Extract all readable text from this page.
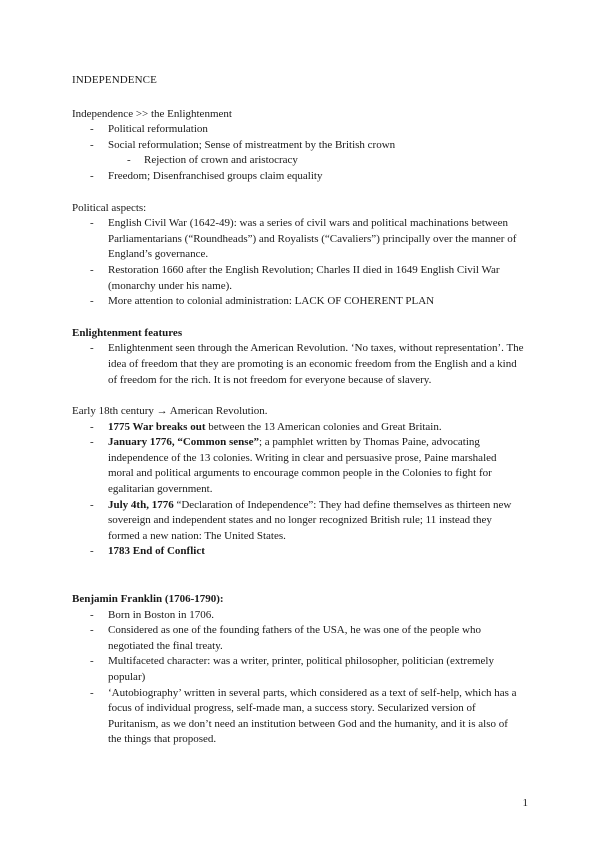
INDEPENDENCE

Independence >> the Enlightenment

- Political reformulation
- Social reformulation; Sense of mistreatment by the British crown
- Rejection of crown and aristocracy
- Freedom; Disenfranchised groups claim equality

Political aspects:

- English Civil War (1642-49): was a series of civil wars and political machinations between Parliamentarians (“Roundheads”) and Royalists (“Cavaliers”) principally over the manner of England’s governance.
- Restoration 1660 after the English Revolution; Charles II died in 1649 English Civil War (monarchy under his name).
- More attention to colonial administration: LACK OF COHERENT PLAN

Enlightenment features

- Enlightenment seen through the American Revolution. ‘No taxes, without representation’. The idea of freedom that they are promoting is an economic freedom from the English and a kind of freedom for the rich. It is not freedom for everyone because of slavery.

Early 18th century → American Revolution.

- 1775 War breaks out between the 13 American colonies and Great Britain.
- January 1776, “Common sense”; a pamphlet written by Thomas Paine, advocating independence of the 13 colonies. Writing in clear and persuasive prose, Paine marshaled moral and political arguments to encourage common people in the Colonies to fight for egalitarian government.
- July 4th, 1776 “Declaration of Independence”: They had define themselves as thirteen new sovereign and independent states and no longer recognized British rule; 11 instead they formed a new nation: The United States.
- 1783 End of Conflict

Benjamin Franklin (1706-1790):

- Born in Boston in 1706.
- Considered as one of the founding fathers of the USA, he was one of the people who negotiated the final treaty.
- Multifaceted character: was a writer, printer, political philosopher, politician (extremely popular)
- ‘Autobiography’ written in several parts, which considered as a text of self-help, which has a focus of individual progress, self-made man, a success story. Secularized version of Puritanism, as we don’t need an institution between God and the humanity, and it is also of the things that proposed.
1
